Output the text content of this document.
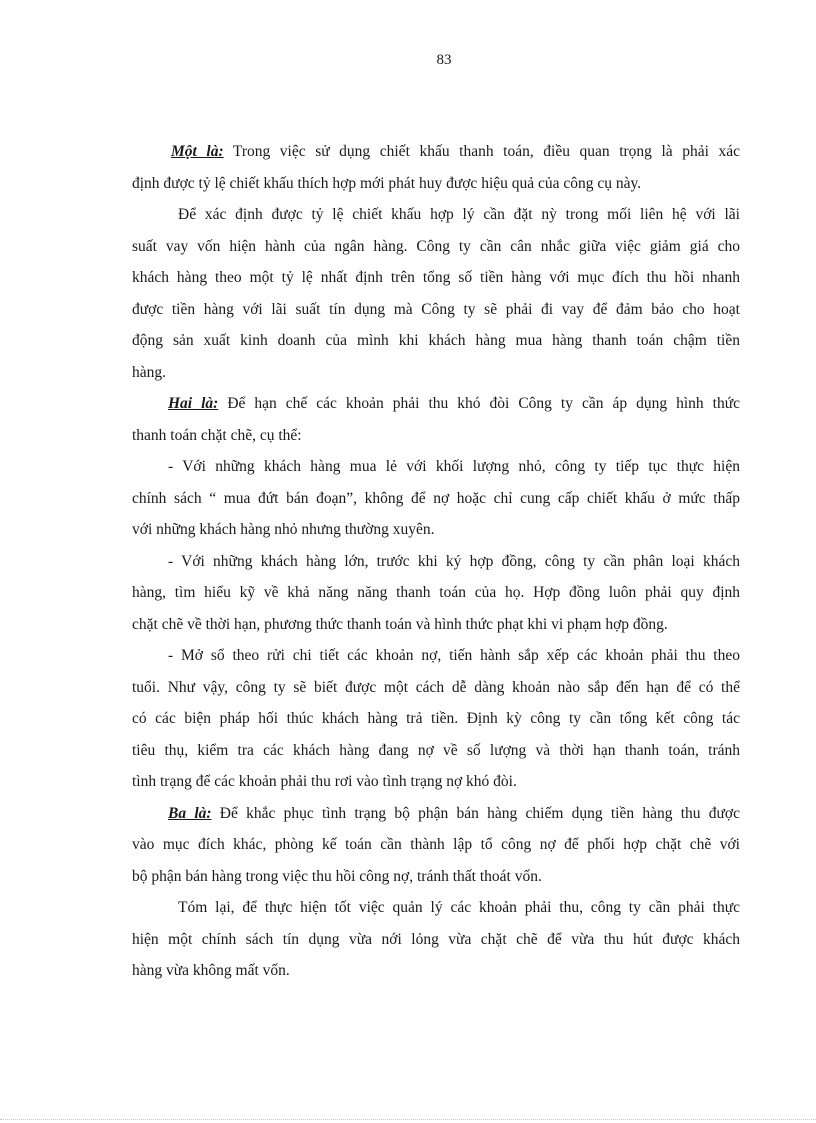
83
Một là: Trong việc sử dụng chiết khấu thanh toán, điều quan trọng là phải xác
định được tỷ lệ chiết khấu thích hợp mới phát huy được hiệu quả của công cụ này.
Để xác định được tỷ lệ chiết khấu hợp lý cần đặt nỳ trong mối liên hệ với lãi
suất vay vốn hiện hành của ngân hàng. Công ty cần cân nhắc giữa việc giảm giá cho
khách hàng theo một tỷ lệ nhất định trên tổng số tiền hàng với mục đích thu hồi nhanh
được tiền hàng với lãi suất tín dụng mà Công ty sẽ phải đi vay để đảm bảo cho hoạt
động sản xuất kinh doanh của mình khi khách hàng mua hàng thanh toán chậm tiền
hàng.
Hai là: Để hạn chế các khoản phải thu khó đòi Công ty cần áp dụng hình thức
thanh toán chặt chẽ, cụ thể:
- Với những khách hàng mua lẻ với khối lượng nhỏ, công ty tiếp tục thực hiện
chính sách “ mua đứt bán đoạn”, không để nợ hoặc chỉ cung cấp chiết khấu ở mức thấp
với những khách hàng nhỏ nhưng thường xuyên.
- Với những khách hàng lớn, trước khi ký hợp đồng, công ty cần phân loại khách
hàng, tìm hiểu kỹ về khả năng năng thanh toán của họ. Hợp đồng luôn phải quy định
chặt chẽ về thời hạn, phương thức thanh toán và hình thức phạt khi vi phạm hợp đồng.
- Mở sổ theo rửi chi tiết các khoản nợ, tiến hành sắp xếp các khoản phải thu theo
tuổi. Như vậy, công ty sẽ biết được một cách dễ dàng khoản nào sắp đến hạn để có thể
có các biện pháp hối thúc khách hàng trả tiền. Định kỳ công ty cần tổng kết công tác
tiêu thụ, kiểm tra các khách hàng đang nợ về số lượng và thời hạn thanh toán, tránh
tình trạng để các khoản phải thu rơi vào tình trạng nợ khó đòi.
Ba là: Để khắc phục tình trạng bộ phận bán hàng chiếm dụng tiền hàng thu được
vào mục đích khác, phòng kế toán cần thành lập tổ công nợ để phối hợp chặt chẽ với
bộ phận bán hàng trong việc thu hồi công nợ, tránh thất thoát vốn.
Tóm lại, để thực hiện tốt việc quản lý các khoản phải thu, công ty cần phải thực
hiện một chính sách tín dụng vừa nới lỏng vừa chặt chẽ để vừa thu hút được khách
hàng vừa không mất vốn.
